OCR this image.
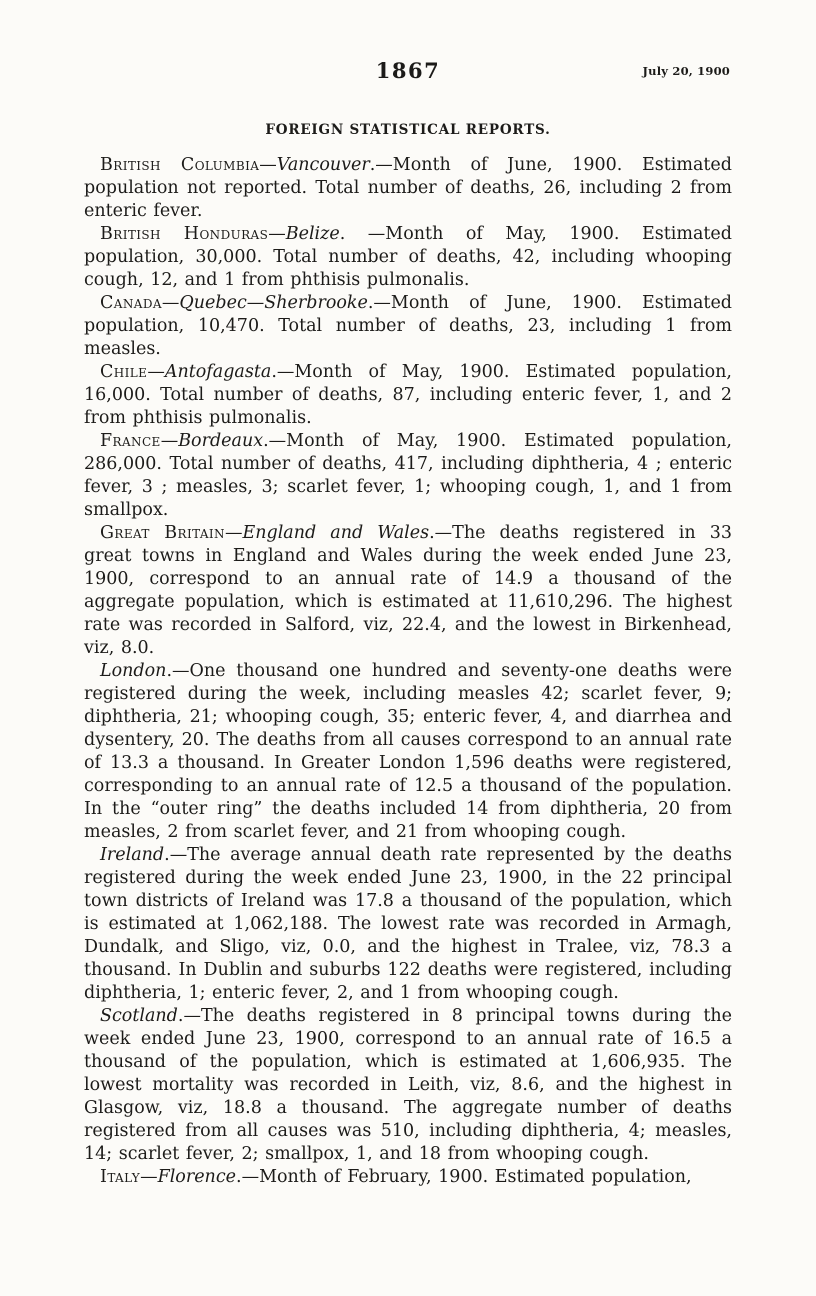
1867	July 20, 1900
FOREIGN STATISTICAL REPORTS.

British Columbia—Vancouver.—Month of June, 1900. Estimated population not reported. Total number of deaths, 26, including 2 from enteric fever.

British Honduras—Belize. —Month of May, 1900. Estimated population, 30,000. Total number of deaths, 42, including whooping cough, 12, and 1 from phthisis pulmonalis.

Canada—Quebec—Sherbrooke.—Month of June, 1900. Estimated population, 10,470. Total number of deaths, 23, including 1 from measles.

Chile—Antofagasta.—Month of May, 1900. Estimated population, 16,000. Total number of deaths, 87, including enteric fever, 1, and 2 from phthisis pulmonalis.

France—Bordeaux.—Month of May, 1900. Estimated population, 286,000. Total number of deaths, 417, including diphtheria, 4 ; enteric fever, 3 ; measles, 3; scarlet fever, 1; whooping cough, 1, and 1 from smallpox.

Great Britain—England and Wales.—The deaths registered in 33 great towns in England and Wales during the week ended June 23, 1900, correspond to an annual rate of 14.9 a thousand of the aggregate population, which is estimated at 11,610,296. The highest rate was recorded in Salford, viz, 22.4, and the lowest in Birkenhead, viz, 8.0.

London.—One thousand one hundred and seventy-one deaths were registered during the week, including measles 42; scarlet fever, 9; diphtheria, 21; whooping cough, 35; enteric fever, 4, and diarrhea and dysentery, 20. The deaths from all causes correspond to an annual rate of 13.3 a thousand. In Greater London 1,596 deaths were registered, corresponding to an annual rate of 12.5 a thousand of the population. In the “outer ring” the deaths included 14 from diphtheria, 20 from measles, 2 from scarlet fever, and 21 from whooping cough.

Ireland.—The average annual death rate represented by the deaths registered during the week ended June 23, 1900, in the 22 principal town districts of Ireland was 17.8 a thousand of the population, which is estimated at 1,062,188. The lowest rate was recorded in Armagh, Dundalk, and Sligo, viz, 0.0, and the highest in Tralee, viz, 78.3 a thousand. In Dublin and suburbs 122 deaths were registered, including diphtheria, 1; enteric fever, 2, and 1 from whooping cough.

Scotland.—The deaths registered in 8 principal towns during the week ended June 23, 1900, correspond to an annual rate of 16.5 a thousand of the population, which is estimated at 1,606,935. The lowest mortality was recorded in Leith, viz, 8.6, and the highest in Glasgow, viz, 18.8 a thousand. The aggregate number of deaths registered from all causes was 510, including diphtheria, 4; measles, 14; scarlet fever, 2; smallpox, 1, and 18 from whooping cough.

Italy—Florence.—Month of February, 1900. Estimated population,
